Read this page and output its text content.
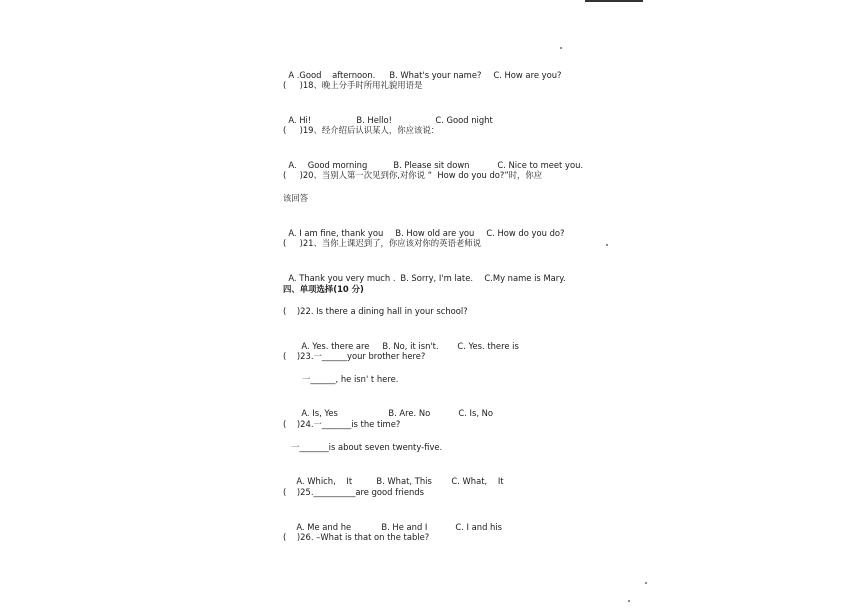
A .Good    afternoon. B. What's your name? C. How are you?

(     )18、晚上分手时所用礼貌用语是

A. Hi!	B. Hello!	C. Good night

(     )19、经介绍后认识某人，你应该说：

A．  Good morning	B. Please sit down	C. Nice to meet you.

(     )20、当别人第一次见到你,对你说 “  How do you do?”时，你应
该回答

A. I am fine, thank you B. How old are you C. How do you do?

(     )21、当你上课迟到了，你应该对你的英语老师说

A. Thank you very much . B. Sorry, I'm late. C.My name is Mary.

四、单项选择(10 分)
(    )22. Is there a dining hall in your school?

A. Yes. there are B. No, it isn't. C. Yes. there is

(    )23.一______your brother here?
一______, he isn' t here.

A. Is, Yes	B. Are. No	C. Is, No

(    )24.一_______is the time?
一_______is about seven twenty-five.

A. Which,    It	B. What, This C. What,    It

(    )25.__________are good friends

A. Me and he	B. He and I	C. I and his

(    )26. –What is that on the table?
